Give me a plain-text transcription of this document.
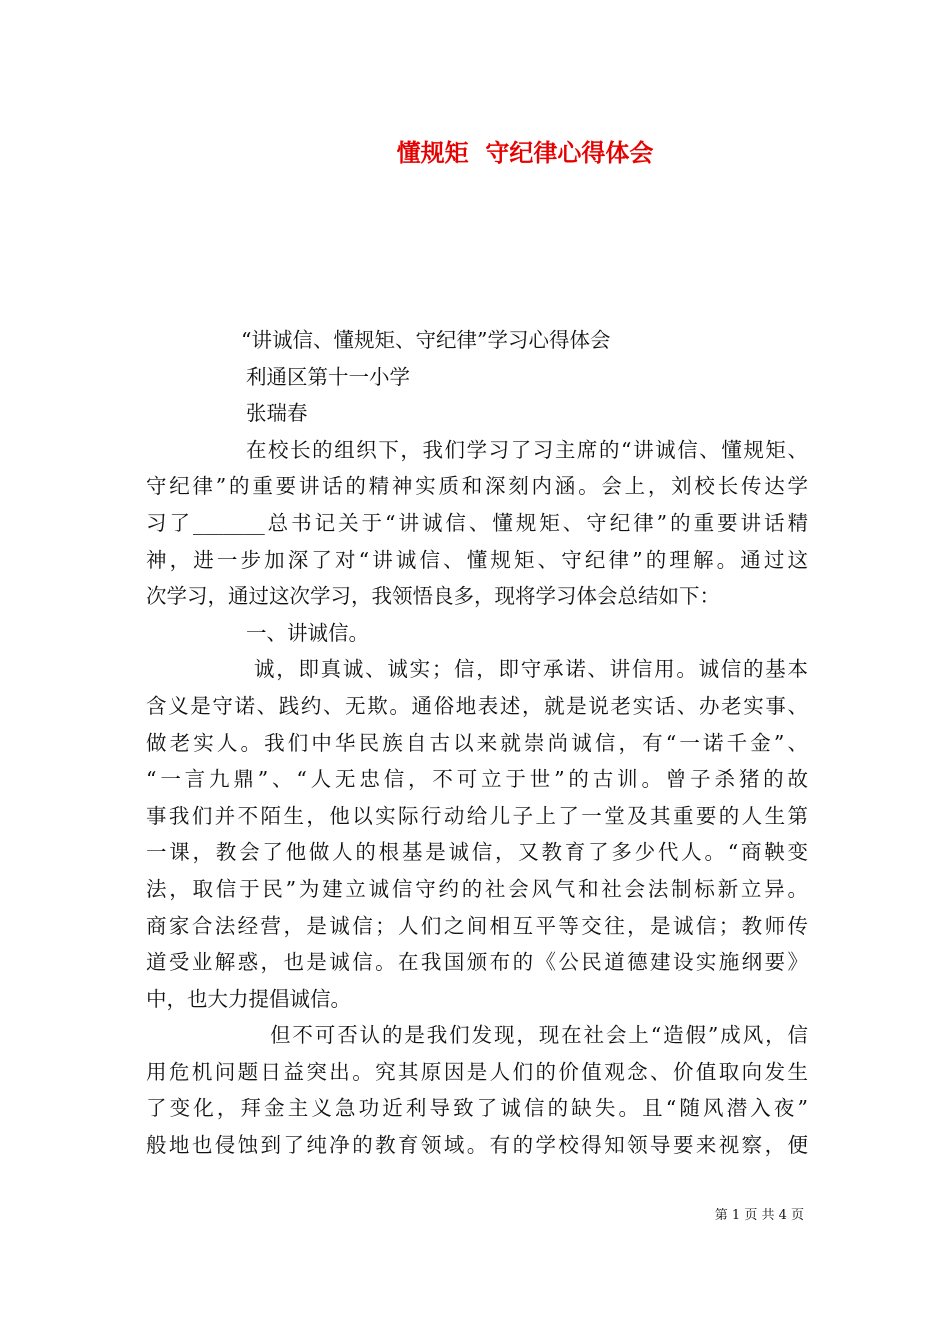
懂规矩  守纪律心得体会
“讲诚信、懂规矩、守纪律”学习心得体会
利通区第十一小学
张瑞春
在校长的组织下，我们学习了习主席的“讲诚信、懂规矩、
守纪律”的重要讲话的精神实质和深刻内涵。会上，刘校长传达学
习了_______总书记关于“讲诚信、懂规矩、守纪律”的重要讲话精
神，进一步加深了对“讲诚信、懂规矩、守纪律”的理解。通过这
次学习，通过这次学习，我领悟良多，现将学习体会总结如下：
一、讲诚信。
诚，即真诚、诚实；信，即守承诺、讲信用。诚信的基本
含义是守诺、践约、无欺。通俗地表述，就是说老实话、办老实事、
做老实人。我们中华民族自古以来就崇尚诚信，有“一诺千金”、
“一言九鼎”、“人无忠信，不可立于世”的古训。曾子杀猪的故
事我们并不陌生，他以实际行动给儿子上了一堂及其重要的人生第
一课，教会了他做人的根基是诚信，又教育了多少代人。“商鞅变
法，取信于民”为建立诚信守约的社会风气和社会法制标新立异。
商家合法经营，是诚信；人们之间相互平等交往，是诚信；教师传
道受业解惑，也是诚信。在我国颁布的《公民道德建设实施纲要》
中，也大力提倡诚信。
但不可否认的是我们发现，现在社会上“造假”成风，信
用危机问题日益突出。究其原因是人们的价值观念、价值取向发生
了变化，拜金主义急功近利导致了诚信的缺失。且“随风潜入夜”
般地也侵蚀到了纯净的教育领域。有的学校得知领导要来视察，便
第 1 页 共 4 页
